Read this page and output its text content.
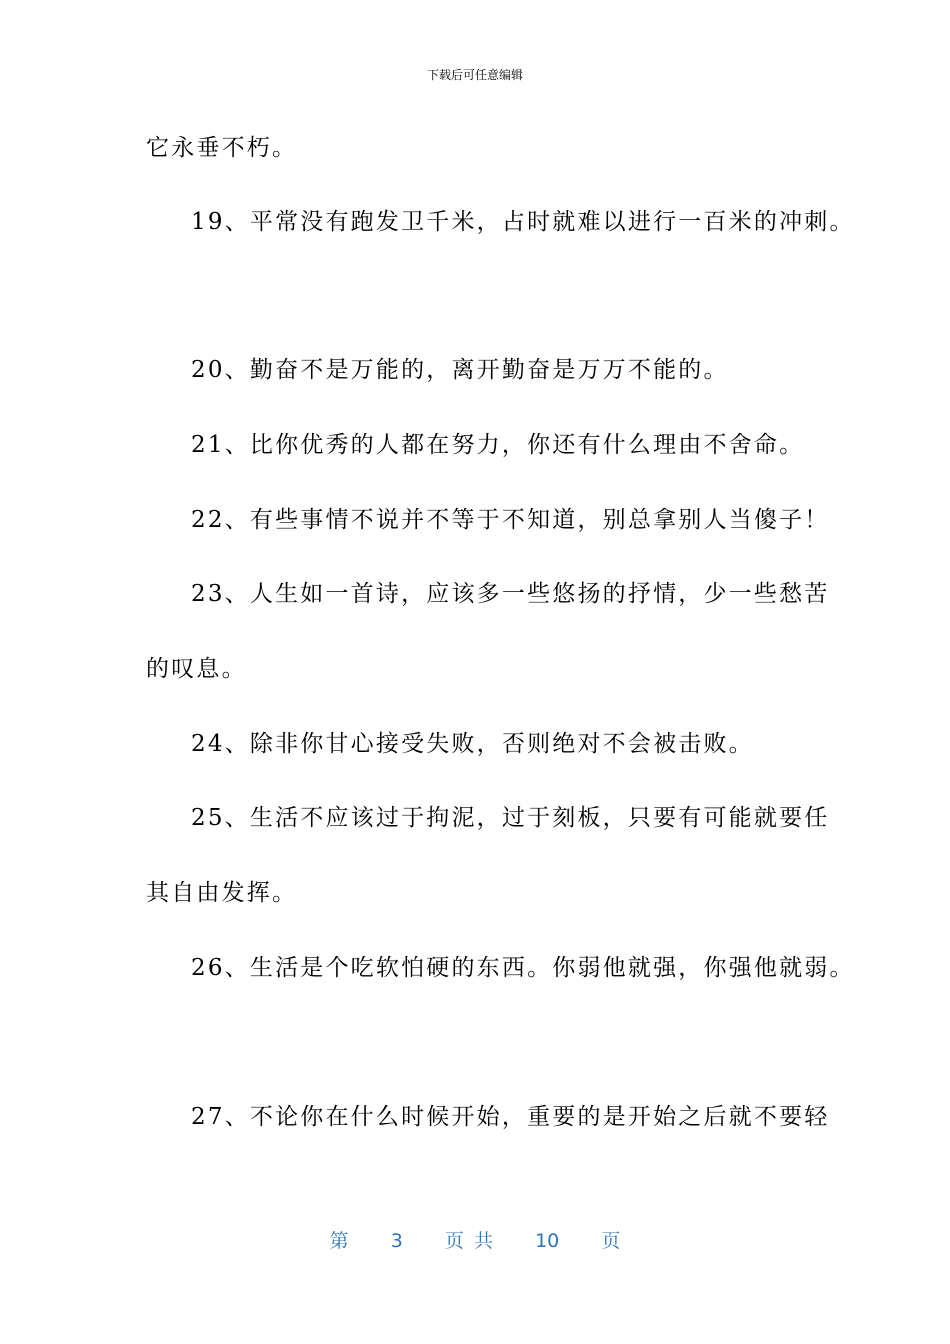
下载后可任意编辑
它永垂不朽。
19、平常没有跑发卫千米，占时就难以进行一百米的冲刺。
20、勤奋不是万能的，离开勤奋是万万不能的。
21、比你优秀的人都在努力，你还有什么理由不舍命。
22、有些事情不说并不等于不知道，别总拿别人当傻子！
23、人生如一首诗，应该多一些悠扬的抒情，少一些愁苦
的叹息。
24、除非你甘心接受失败，否则绝对不会被击败。
25、生活不应该过于拘泥，过于刻板，只要有可能就要任
其自由发挥。
26、生活是个吃软怕硬的东西。你弱他就强，你强他就弱。
27、不论你在什么时候开始，重要的是开始之后就不要轻
第 3 页 共 10 页
